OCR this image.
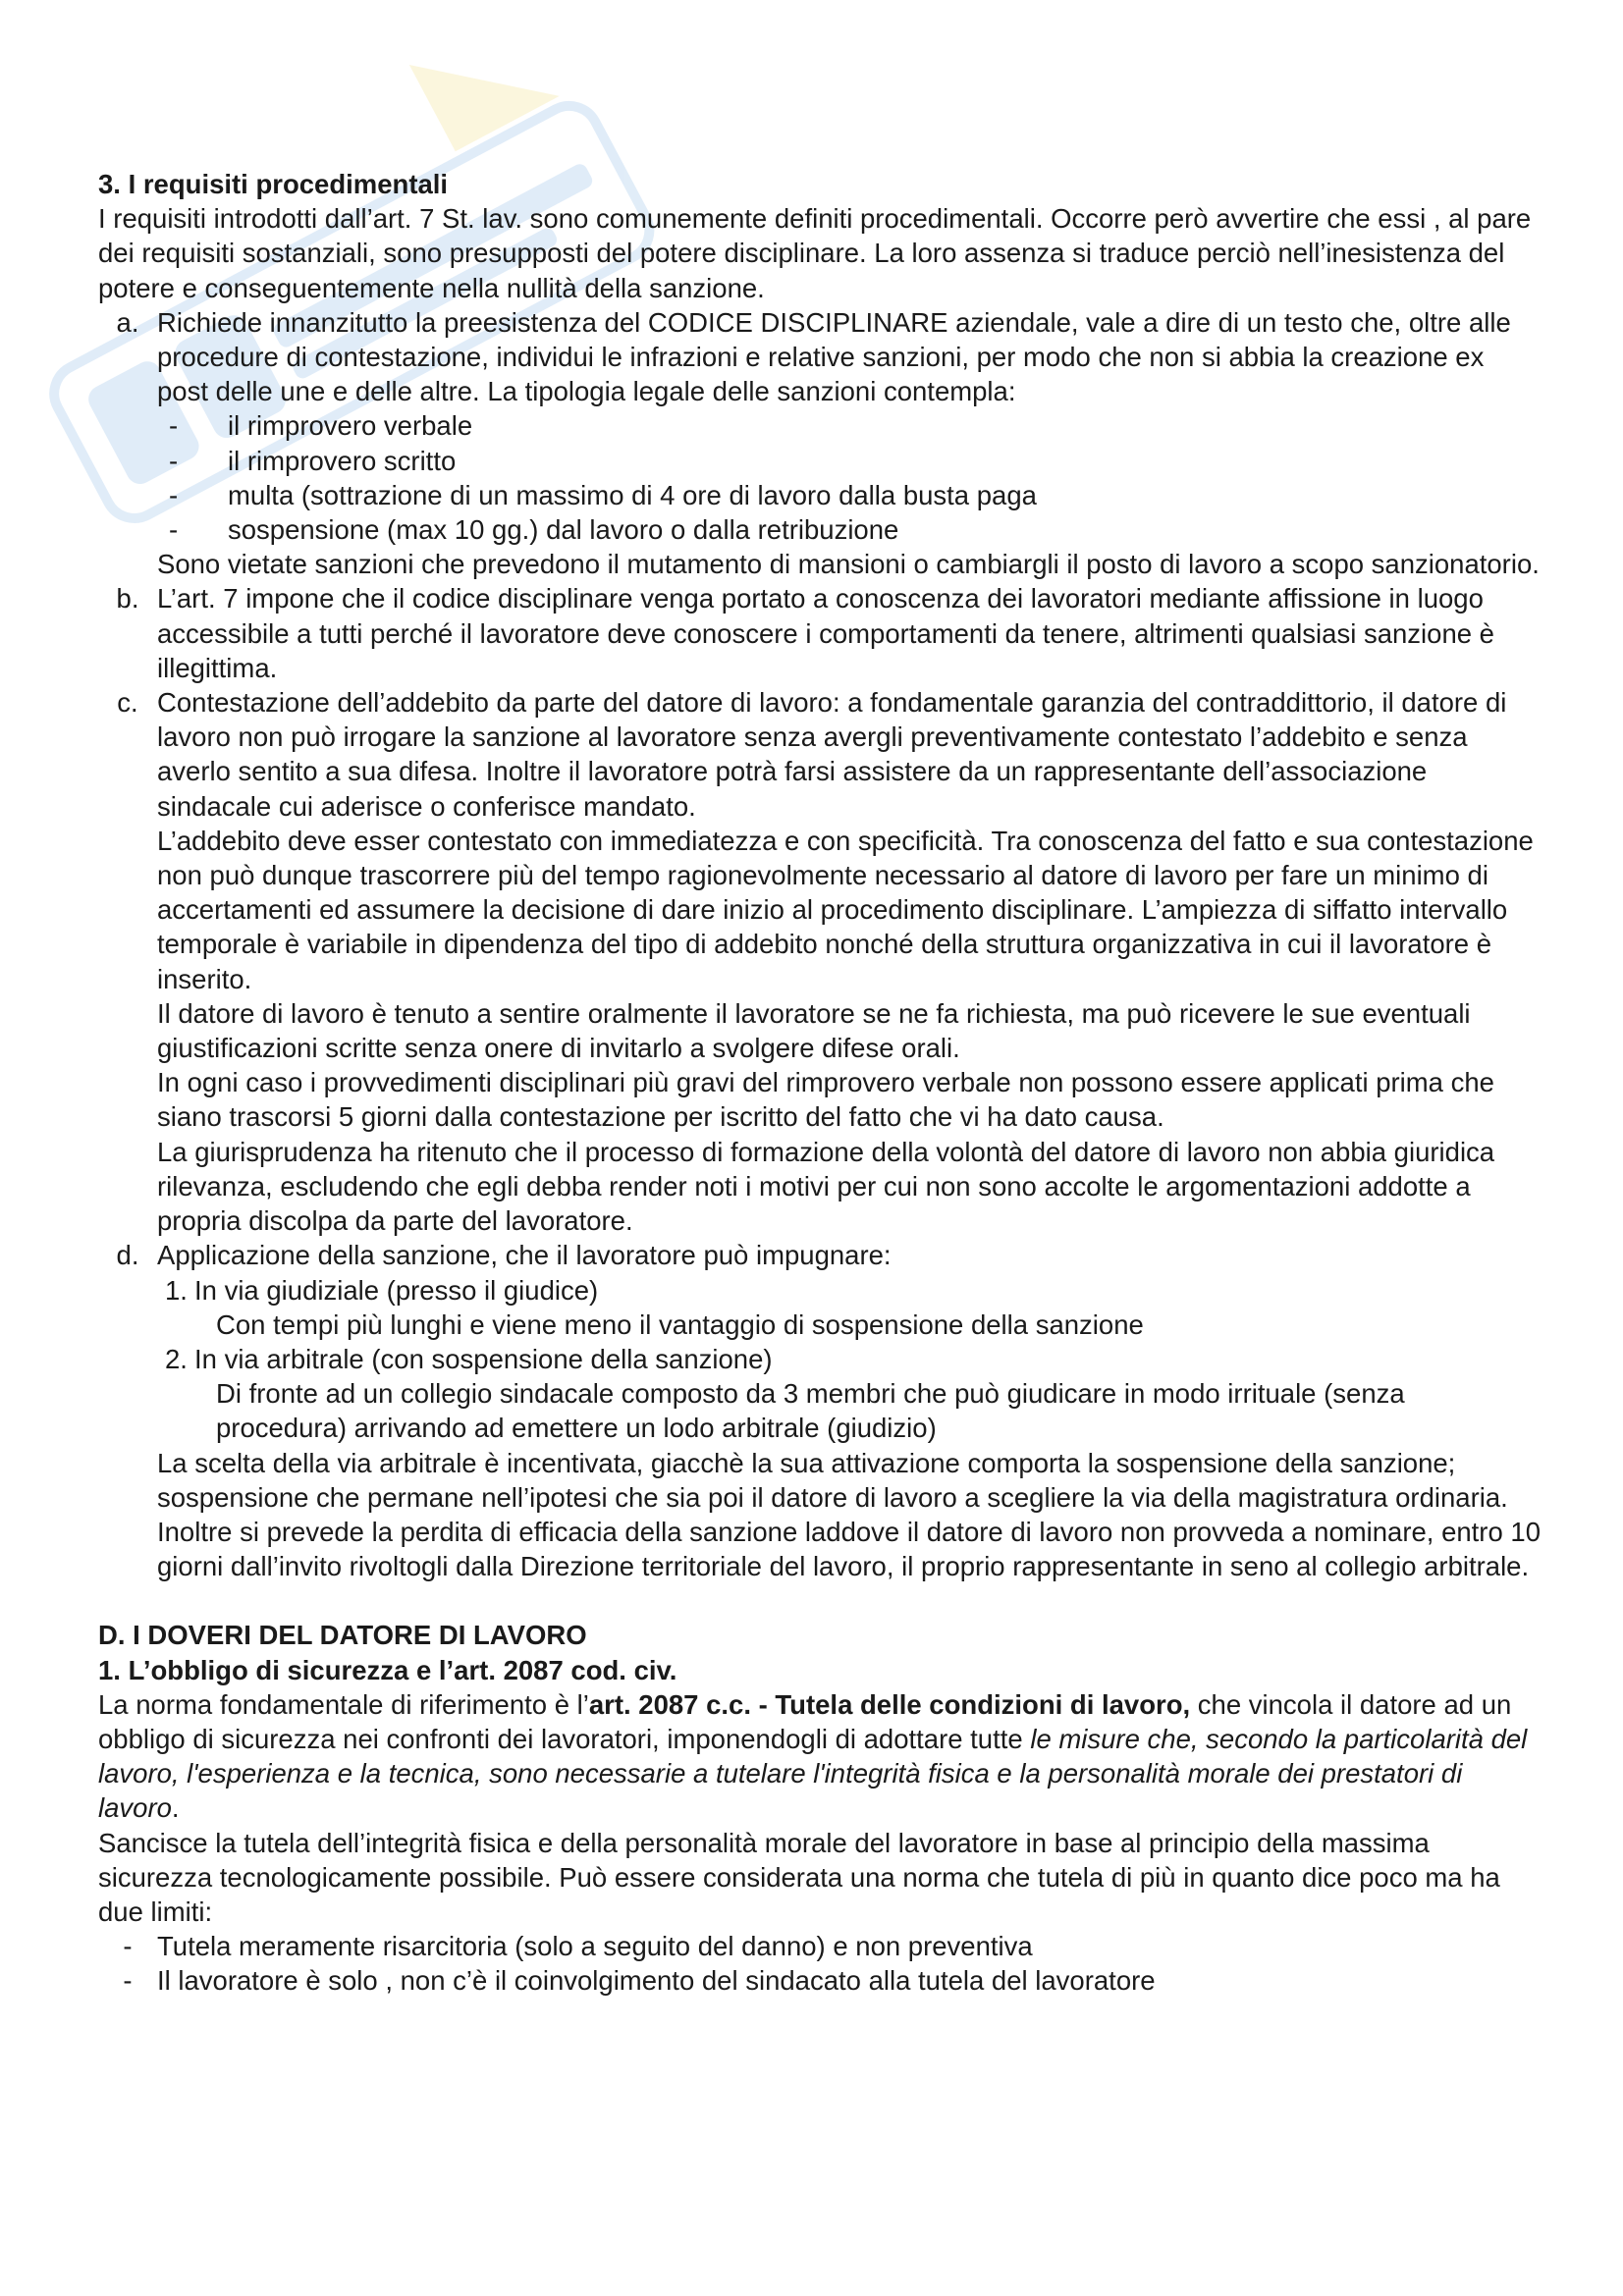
3. I requisiti procedimentali

I requisiti introdotti dall’art. 7 St. lav. sono comunemente definiti procedimentali. Occorre però avvertire che essi , al pare dei requisiti sostanziali, sono presupposti del potere disciplinare. La loro assenza si traduce perciò nell’inesistenza del potere e conseguentemente nella nullità della sanzione.

a. Richiede innanzitutto la preesistenza del CODICE DISCIPLINARE aziendale, vale a dire di un testo che, oltre alle procedure di contestazione, individui le infrazioni e relative sanzioni, per modo che non si abbia la creazione ex post delle une e delle altre. La tipologia legale delle sanzioni contempla:
-	il rimprovero verbale
-	il rimprovero scritto
-	multa (sottrazione di un massimo di 4 ore di lavoro dalla busta paga
-	sospensione (max 10 gg.) dal lavoro o dalla retribuzione

Sono vietate sanzioni che prevedono il mutamento di mansioni o cambiargli il posto di lavoro a scopo sanzionatorio.

b. L’art. 7 impone che il codice disciplinare venga portato a conoscenza dei lavoratori mediante affissione in luogo accessibile a tutti perché il lavoratore deve conoscere i comportamenti da tenere, altrimenti qualsiasi sanzione è illegittima.
c. Contestazione dell’addebito da parte del datore di lavoro: a fondamentale garanzia del contraddittorio, il datore di lavoro non può irrogare la sanzione al lavoratore senza avergli preventivamente contestato l’addebito e senza averlo sentito a sua difesa. Inoltre il lavoratore potrà farsi assistere da un rappresentante dell’associazione sindacale cui aderisce o conferisce mandato.

L’addebito deve esser contestato con immediatezza e con specificità. Tra conoscenza del fatto e sua contestazione non può dunque trascorrere più del tempo ragionevolmente necessario al datore di lavoro per fare un minimo di accertamenti ed assumere la decisione di dare inizio al procedimento disciplinare. L’ampiezza di siffatto intervallo temporale è variabile in dipendenza del tipo di addebito nonché della struttura organizzativa in cui il lavoratore è inserito.

Il datore di lavoro è tenuto a sentire oralmente il lavoratore se ne fa richiesta, ma può ricevere le sue eventuali giustificazioni scritte senza onere di invitarlo a svolgere difese orali.

In ogni caso i provvedimenti disciplinari più gravi del rimprovero verbale non possono essere applicati prima che siano trascorsi 5 giorni dalla contestazione per iscritto del fatto che vi ha dato causa.

La giurisprudenza ha ritenuto che il processo di formazione della volontà del datore di lavoro non abbia giuridica rilevanza, escludendo che egli debba render noti i motivi per cui non sono accolte le argomentazioni addotte a propria discolpa da parte del lavoratore.

d. Applicazione della sanzione, che il lavoratore può impugnare:
1. In via giudiziale (presso il giudice)

Con tempi più lunghi e viene meno il vantaggio di sospensione della sanzione

2. In via arbitrale (con sospensione della sanzione)

Di fronte ad un collegio sindacale composto da 3 membri che può giudicare in modo irrituale (senza procedura) arrivando ad emettere un lodo arbitrale (giudizio)

La scelta della via arbitrale è incentivata, giacchè la sua attivazione comporta la sospensione della sanzione; sospensione che permane nell’ipotesi che sia poi il datore di lavoro a scegliere la via della magistratura ordinaria. Inoltre si prevede la perdita di efficacia della sanzione laddove il datore di lavoro non provveda a nominare, entro 10 giorni dall’invito rivoltogli dalla Direzione territoriale del lavoro, il proprio rappresentante in seno al collegio arbitrale.

D. I DOVERI DEL DATORE DI LAVORO

1. L’obbligo di sicurezza e l’art. 2087 cod. civ.

La norma fondamentale di riferimento è l’art. 2087 c.c. - Tutela delle condizioni di lavoro, che vincola il datore ad un obbligo di sicurezza nei confronti dei lavoratori, imponendogli di adottare tutte le misure che, secondo la particolarità del lavoro, l'esperienza e la tecnica, sono necessarie a tutelare l'integrità fisica e la personalità morale dei prestatori di lavoro.

Sancisce la tutela dell’integrità fisica e della personalità morale del lavoratore in base al principio della massima sicurezza tecnologicamente possibile. Può essere considerata una norma che tutela di più in quanto dice poco ma ha due limiti:

- Tutela meramente risarcitoria (solo a seguito del danno) e non preventiva
- Il lavoratore è solo , non c’è il coinvolgimento del sindacato alla tutela del lavoratore
